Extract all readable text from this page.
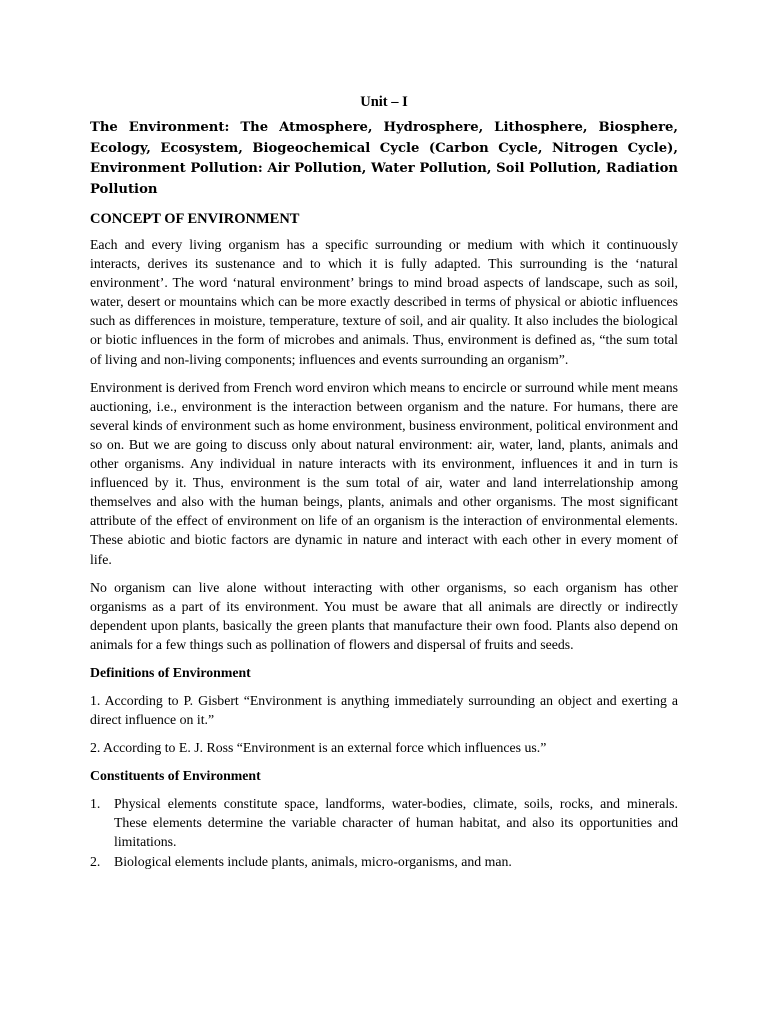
Unit – I
The Environment: The Atmosphere, Hydrosphere, Lithosphere, Biosphere, Ecology, Ecosystem, Biogeochemical Cycle (Carbon Cycle, Nitrogen Cycle), Environment Pollution: Air Pollution, Water Pollution, Soil Pollution, Radiation Pollution
CONCEPT OF ENVIRONMENT

Each and every living organism has a specific surrounding or medium with which it continuously interacts, derives its sustenance and to which it is fully adapted. This surrounding is the ‘natural environment’. The word ‘natural environment’ brings to mind broad aspects of landscape, such as soil, water, desert or mountains which can be more exactly described in terms of physical or abiotic influences such as differences in moisture, temperature, texture of soil, and air quality. It also includes the biological or biotic influences in the form of microbes and animals. Thus, environment is defined as, “the sum total of living and non-living components; influences and events surrounding an organism”.

Environment is derived from French word environ which means to encircle or surround while ment means auctioning, i.e., environment is the interaction between organism and the nature. For humans, there are several kinds of environment such as home environment, business environment, political environment and so on. But we are going to discuss only about natural environment: air, water, land, plants, animals and other organisms. Any individual in nature interacts with its environment, influences it and in turn is influenced by it. Thus, environment is the sum total of air, water and land interrelationship among themselves and also with the human beings, plants, animals and other organisms. The most significant attribute of the effect of environment on life of an organism is the interaction of environmental elements. These abiotic and biotic factors are dynamic in nature and interact with each other in every moment of life.

No organism can live alone without interacting with other organisms, so each organism has other organisms as a part of its environment. You must be aware that all animals are directly or indirectly dependent upon plants, basically the green plants that manufacture their own food. Plants also depend on animals for a few things such as pollination of flowers and dispersal of fruits and seeds.

Definitions of Environment

1. According to P. Gisbert “Environment is anything immediately surrounding an object and exerting a direct influence on it.”

2. According to E. J. Ross “Environment is an external force which influences us.”

Constituents of Environment
1. Physical elements constitute space, landforms, water-bodies, climate, soils, rocks, and minerals. These elements determine the variable character of human habitat, and also its opportunities and limitations.
2. Biological elements include plants, animals, micro-organisms, and man.
